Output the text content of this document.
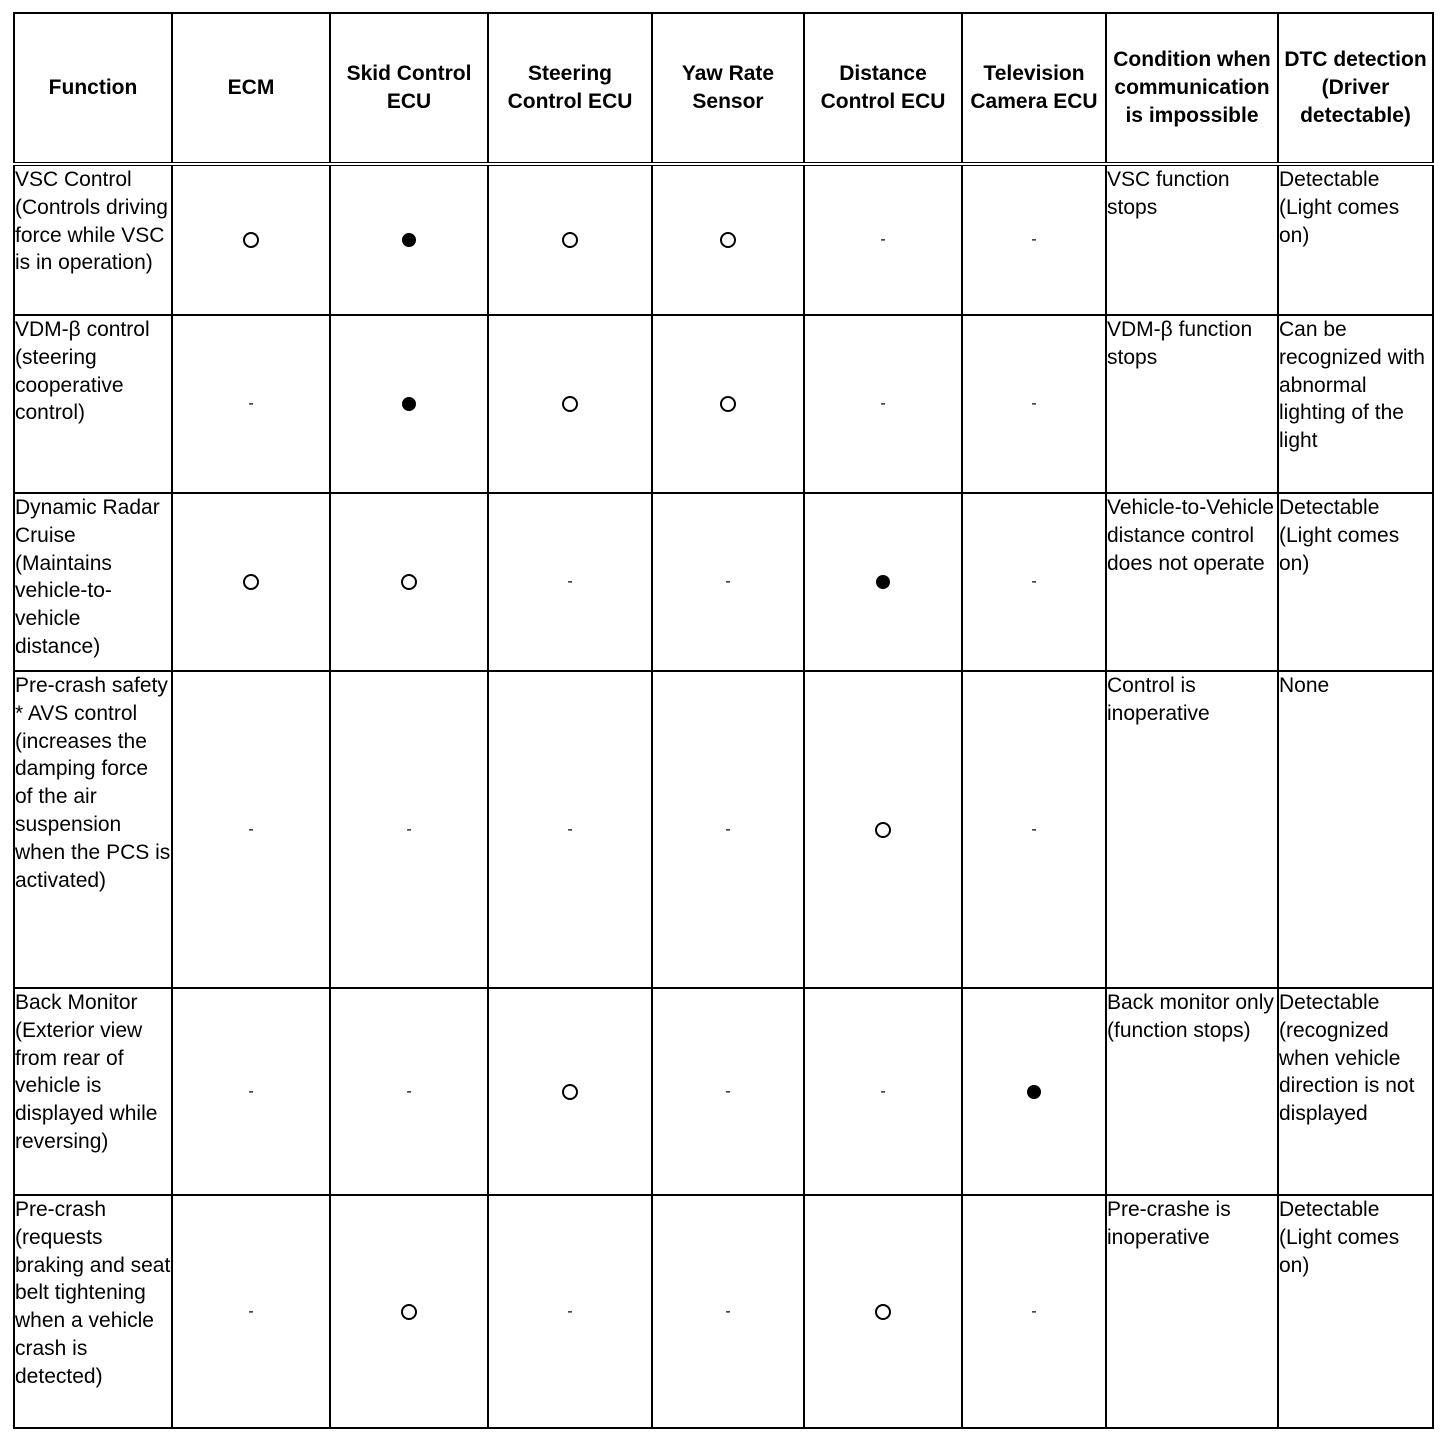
Function	ECM	Skid Control ECU	Steering Control ECU	Yaw Rate Sensor	Distance Control ECU	Television Camera ECU	Condition when communication is impossible	DTC detection (Driver detectable)
VSC Control (Controls driving force while VSC is in operation)					-	-	VSC function stops	Detectable (Light comes on)
VDM-β control (steering cooperative control)	-				-	-	VDM-β function stops	Can be recognized with abnormal lighting of the light
Dynamic Radar Cruise (Maintains vehicle-to-vehicle distance)			-	-		-	Vehicle-to-Vehicle distance control does not operate	Detectable (Light comes on)
Pre-crash safety * AVS control (increases the damping force of the air suspension when the PCS is activated)	-	-	-	-		-	Control is inoperative	None
Back Monitor (Exterior view from rear of vehicle is displayed while reversing)	-	-		-	-		Back monitor only (function stops)	Detectable (recognized when vehicle direction is not displayed
Pre-crash (requests braking and seat belt tightening when a vehicle crash is detected)	-		-	-		-	Pre-crashe is inoperative	Detectable (Light comes on)
